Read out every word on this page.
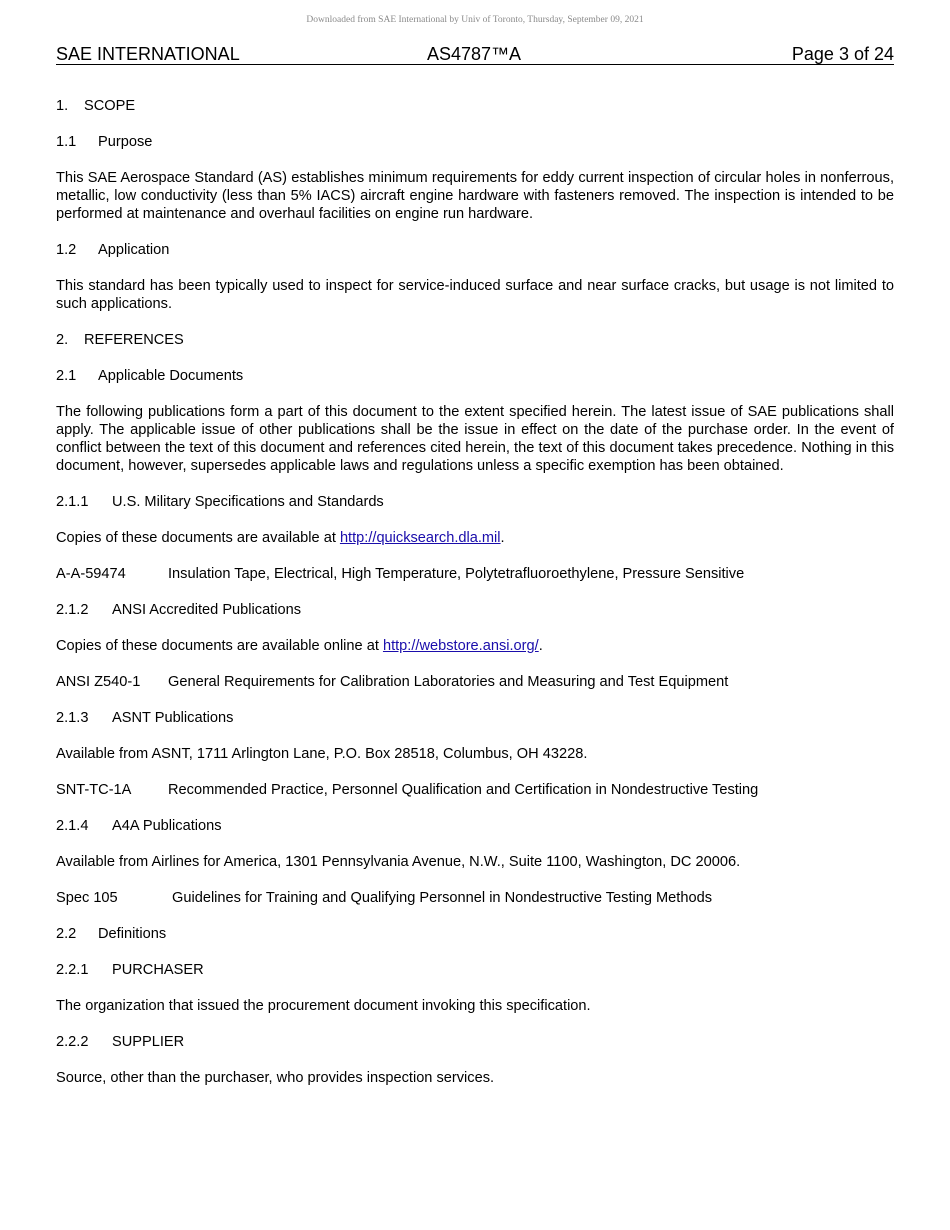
Downloaded from SAE International by Univ of Toronto, Thursday, September 09, 2021
SAE INTERNATIONAL	AS4787™A	Page 3 of 24
1. SCOPE
1.1 Purpose

This SAE Aerospace Standard (AS) establishes minimum requirements for eddy current inspection of circular holes in nonferrous, metallic, low conductivity (less than 5% IACS) aircraft engine hardware with fasteners removed. The inspection is intended to be performed at maintenance and overhaul facilities on engine run hardware.

1.2 Application

This standard has been typically used to inspect for service-induced surface and near surface cracks, but usage is not limited to such applications.

2. REFERENCES
2.1 Applicable Documents

The following publications form a part of this document to the extent specified herein. The latest issue of SAE publications shall apply. The applicable issue of other publications shall be the issue in effect on the date of the purchase order. In the event of conflict between the text of this document and references cited herein, the text of this document takes precedence. Nothing in this document, however, supersedes applicable laws and regulations unless a specific exemption has been obtained.

2.1.1 U.S. Military Specifications and Standards

Copies of these documents are available at http://quicksearch.dla.mil.

A-A-59474	Insulation Tape, Electrical, High Temperature, Polytetrafluoroethylene, Pressure Sensitive
2.1.2 ANSI Accredited Publications

Copies of these documents are available online at http://webstore.ansi.org/.

ANSI Z540-1 General Requirements for Calibration Laboratories and Measuring and Test Equipment
2.1.3 ASNT Publications

Available from ASNT, 1711 Arlington Lane, P.O. Box 28518, Columbus, OH 43228.

SNT-TC-1A	Recommended Practice, Personnel Qualification and Certification in Nondestructive Testing
2.1.4 A4A Publications

Available from Airlines for America, 1301 Pennsylvania Avenue, N.W., Suite 1100, Washington, DC 20006.

Spec 105	Guidelines for Training and Qualifying Personnel in Nondestructive Testing Methods
2.2 Definitions
2.2.1 PURCHASER

The organization that issued the procurement document invoking this specification.

2.2.2 SUPPLIER

Source, other than the purchaser, who provides inspection services.
